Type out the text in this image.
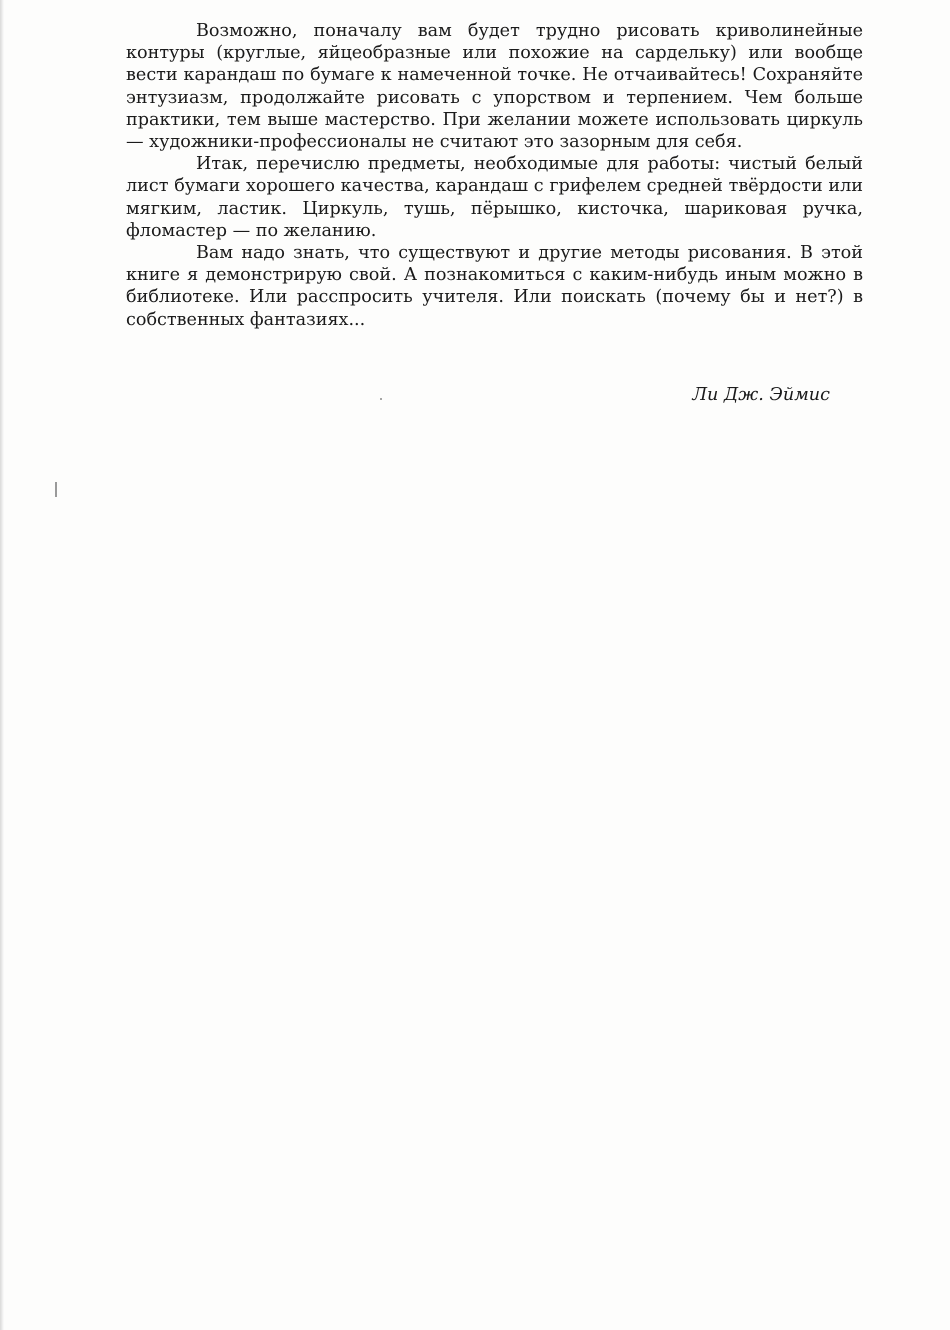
Возможно, поначалу вам будет трудно рисовать криволинейные контуры (круглые, яйцеобразные или похожие на сардельку) или вообще вести карандаш по бумаге к намеченной точке. Не отчаивайтесь! Сохраняйте энтузиазм, продолжайте рисовать с упорством и терпением. Чем больше практики, тем выше мастерство. При желании можете использовать циркуль — художники-профессионалы не считают это зазорным для себя.

Итак, перечислю предметы, необходимые для работы: чистый белый лист бумаги хорошего качества, карандаш с грифелем средней твёрдости или мягким, ластик. Циркуль, тушь, пёрышко, кисточка, шариковая ручка, фломастер — по желанию.

Вам надо знать, что существуют и другие методы рисования. В этой книге я демонстрирую свой. А познакомиться с каким-нибудь иным можно в библиотеке. Или расспросить учителя. Или поискать (почему бы и нет?) в собственных фантазиях...

Ли Дж. Эймис
